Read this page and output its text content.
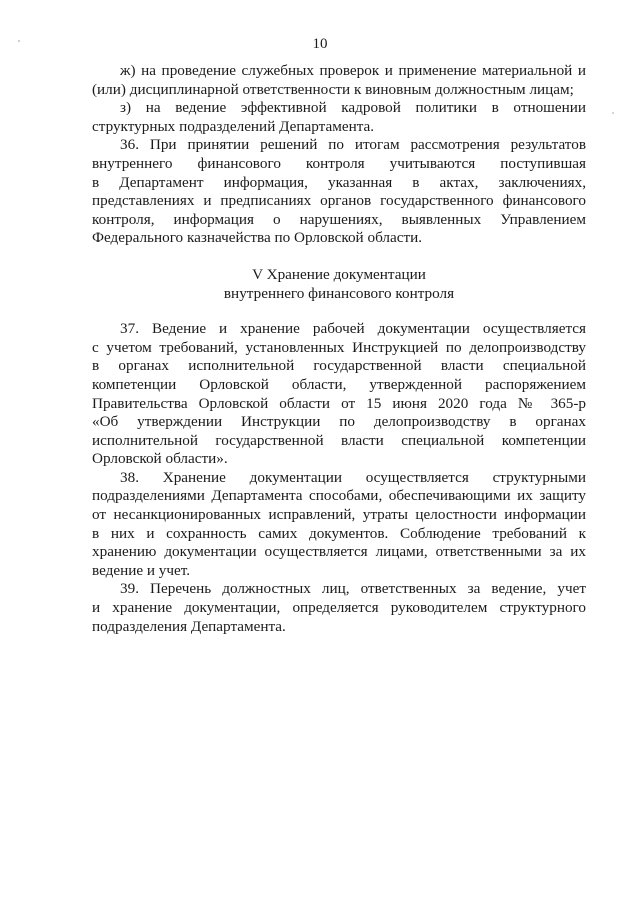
10
ж) на проведение служебных проверок и применение материальной и
(или) дисциплинарной ответственности к виновным должностным лицам;
з) на ведение эффективной кадровой политики в отношении
структурных подразделений Департамента.
36. При принятии решений по итогам рассмотрения результатов
внутреннего финансового контроля учитываются поступившая
в Департамент информация, указанная в актах, заключениях,
представлениях и предписаниях органов государственного финансового
контроля, информация о нарушениях, выявленных Управлением
Федерального казначейства по Орловской области.
V Хранение документации
внутреннего финансового контроля
37. Ведение и хранение рабочей документации осуществляется
с учетом требований, установленных Инструкцией по делопроизводству
в органах исполнительной государственной власти специальной
компетенции Орловской области, утвержденной распоряжением
Правительства Орловской области от 15 июня 2020 года № 365-р
«Об утверждении Инструкции по делопроизводству в органах
исполнительной государственной власти специальной компетенции
Орловской области».
38. Хранение документации осуществляется структурными
подразделениями Департамента способами, обеспечивающими их защиту
от несанкционированных исправлений, утраты целостности информации
в них и сохранность самих документов. Соблюдение требований к
хранению документации осуществляется лицами, ответственными за их
ведение и учет.
39. Перечень должностных лиц, ответственных за ведение, учет
и хранение документации, определяется руководителем структурного
подразделения Департамента.
